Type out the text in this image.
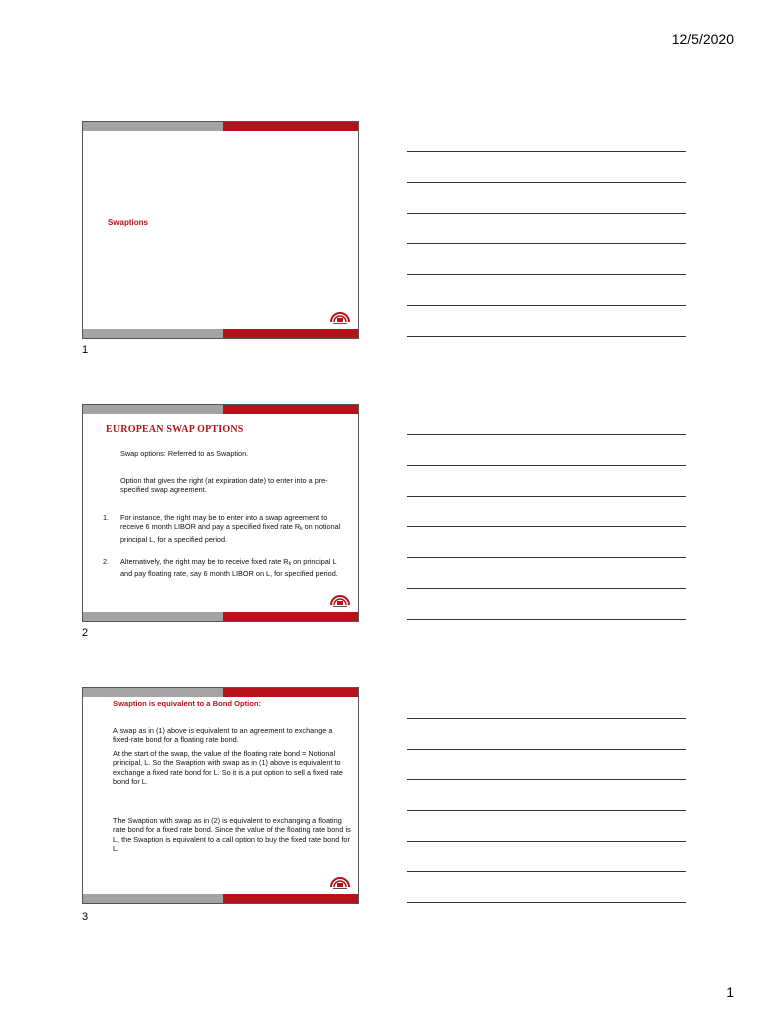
12/5/2020
Swaptions
1
EUROPEAN SWAP OPTIONS
Swap options: Referred to as Swaption.
Option that gives the right (at expiration date) to enter into a pre-specified swap agreement.
1. For instance, the right may be to enter into a swap agreement to receive 6 month LIBOR and pay a specified fixed rate $R_k$ on notional principal L, for a specified period.
2. Alternatively, the right may be to receive fixed rate $R_k$ on principal L and pay floating rate, say 6 month LIBOR on L, for specified period.
2
Swaption is equivalent to a Bond Option:
A swap as in (1) above is equivalent to an agreement to exchange a fixed-rate bond for a floating rate bond.
At the start of the swap, the value of the floating rate bond = Notional principal, L. So the Swaption with swap as in (1) above is equivalent to exchange a fixed rate bond for L. So it is a put option to sell a fixed rate bond for L.
The Swaption with swap as in (2) is equivalent to exchanging a floating rate bond for a fixed rate bond. Since the value of the floating rate bond is L, the Swaption is equivalent to a call option to buy the fixed rate bond for L.
3
1
